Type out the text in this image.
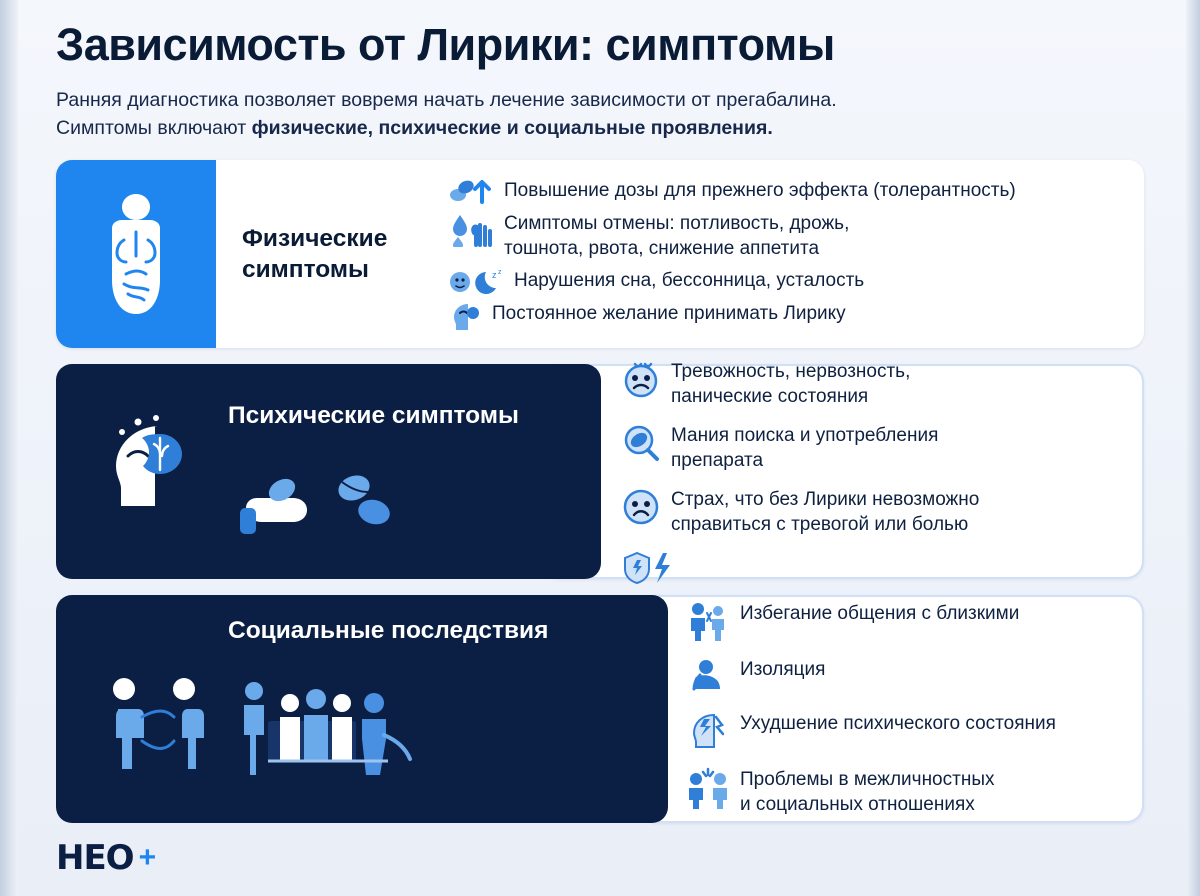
Зависимость от Лирики: симптомы
Ранняя диагностика позволяет вовремя начать лечение зависимости от прегабалина.
Симптомы включают физические, психические и социальные проявления.
Физические
симптомы
Повышение дозы для прежнего эффекта (толерантность)
Симптомы отмены: потливость, дрожь,
тошнота, рвота, снижение аппетита
z z Нарушения сна, бессонница, усталость
Постоянное желание принимать Лирику
Психические симптомы
Тревожность, нервозность,
панические состояния
Мания поиска и употребления
препарата
Страх, что без Лирики невозможно
справиться с тревогой или болью
Социальные последствия
Избегание общения с близкими
Изоляция
Ухудшение психического состояния
Проблемы в межличностных
и социальных отношениях
НЕО +
